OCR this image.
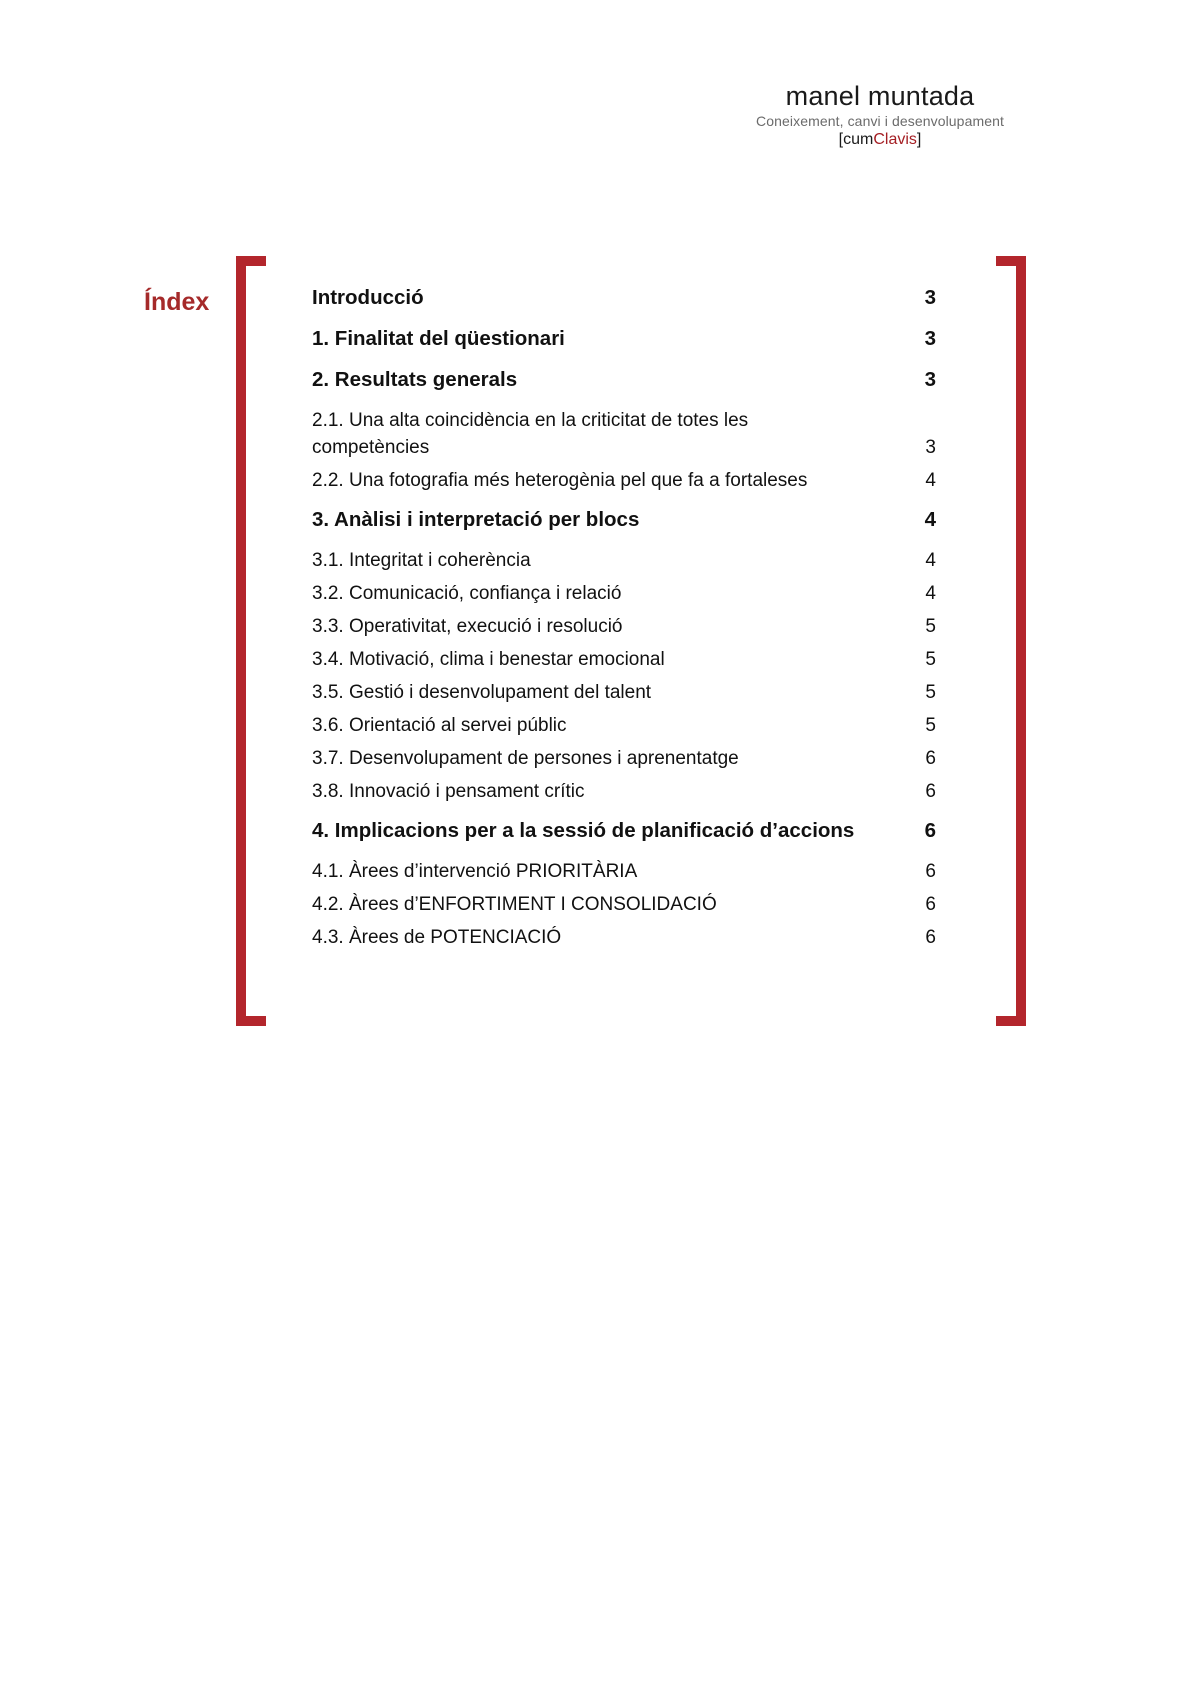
manel muntada
Coneixement, canvi i desenvolupament
[cumClavis]
Índex	Introducció	3
1. Finalitat del qüestionari	3
2. Resultats generals	3
2.1. Una alta coincidència en la criticitat de totes les competències	3
2.2. Una fotografia més heterogènia pel que fa a fortaleses	4
3. Anàlisi i interpretació per blocs	4
3.1. Integritat i coherència	4
3.2. Comunicació, confiança i relació	4
3.3. Operativitat, execució i resolució	5
3.4. Motivació, clima i benestar emocional	5
3.5. Gestió i desenvolupament del talent	5
3.6. Orientació al servei públic	5
3.7. Desenvolupament de persones i aprenentatge	6
3.8. Innovació i pensament crític	6
4. Implicacions per a la sessió de planificació d’accions	6
4.1. Àrees d’intervenció PRIORITÀRIA	6
4.2. Àrees d’ENFORTIMENT I CONSOLIDACIÓ	6
4.3. Àrees de POTENCIACIÓ	6
